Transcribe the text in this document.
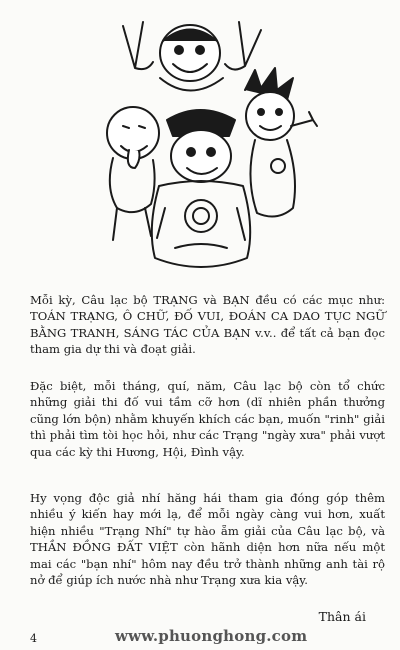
Mỗi kỳ, Câu lạc bộ TRẠNG và BẠN đều có các mục như: TOÁN TRẠNG, Ô CHỮ, ĐỐ VUI, ĐOÁN CA DAO TỤC NGỮ BẰNG TRANH, SÁNG TÁC CỦA BẠN v.v.. để tất cả bạn đọc tham gia dự thi và đoạt giải.

Đặc biệt, mỗi tháng, quí, năm, Câu lạc bộ còn tổ chức những giải thi đố vui tầm cỡ hơn (dĩ nhiên phần thưởng cũng lớn bộn) nhằm khuyến khích các bạn, muốn "rinh" giải thì phải tìm tòi học hỏi, như các Trạng "ngày xưa" phải vượt qua các kỳ thi Hương, Hội, Đình vậy.

Hy vọng độc giả nhí hăng hái tham gia đóng góp thêm nhiều ý kiến hay mới lạ, để mỗi ngày càng vui hơn, xuất hiện nhiều "Trạng Nhí" tự hào ẵm giải của Câu lạc bộ, và THẦN ĐỒNG ĐẤT VIỆT còn hãnh diện hơn nữa nếu một mai các "bạn nhí" hôm nay đều trở thành những anh tài rộ nở để giúp ích nước nhà như Trạng xưa kia vậy.

Thân ái
4	www.phuonghong.com
